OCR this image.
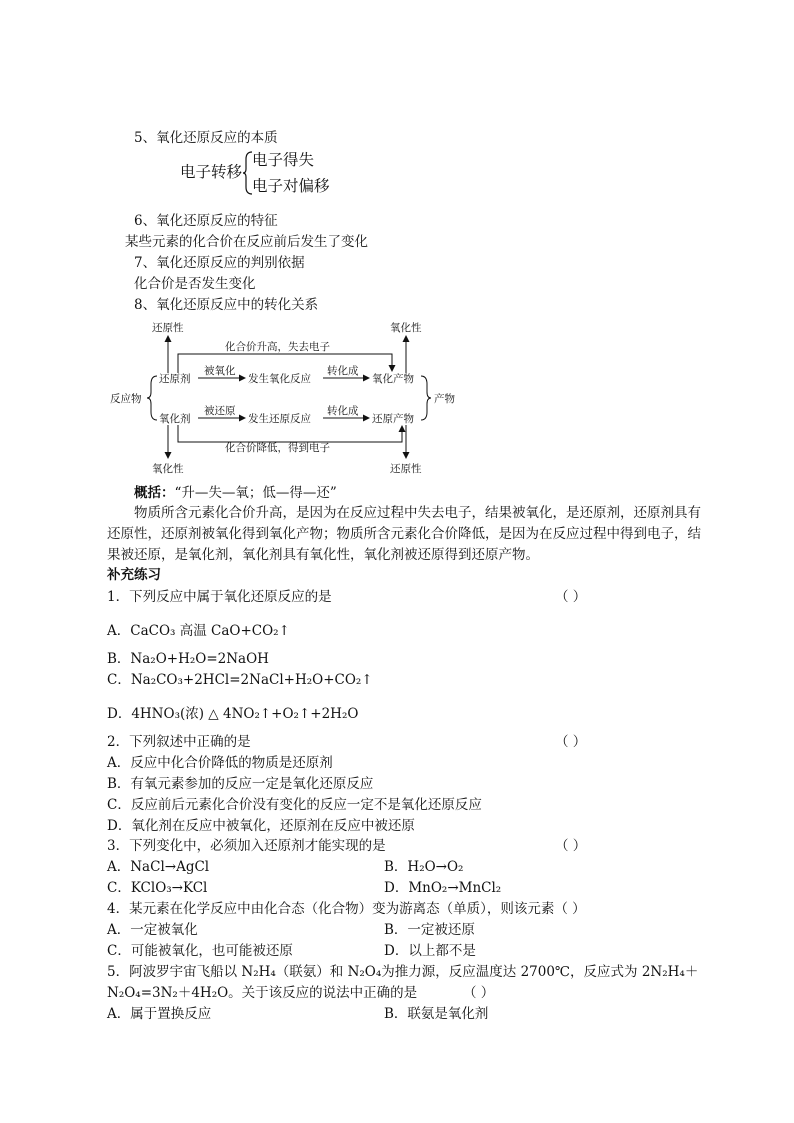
5、氧化还原反应的本质
电子转移
电子得失
电子对偏移
6、氧化还原反应的特征
某些元素的化合价在反应前后发生了变化
7、氧化还原反应的判别依据
化合价是否发生变化
8、氧化还原反应中的转化关系
还原性	氧化性
化合价升高，失去电子
反应物
还原剂
氧化剂
被氧化
发生氧化反应
转化成
氧化产物
被还原
发生还原反应
转化成
还原产物
产物
化合价降低，得到电子
氧化性	还原性
概括：“升—失—氧；低—得—还”
物质所含元素化合价升高，是因为在反应过程中失去电子，结果被氧化，是还原剂，还原剂具有还原性，还原剂被氧化得到氧化产物；物质所含元素化合价降低，是因为在反应过程中得到电子，结果被还原，是氧化剂，氧化剂具有氧化性，氧化剂被还原得到还原产物。
补充练习
1．下列反应中属于氧化还原反应的是	（ ）
A．CaCO₃ 高温 CaO+CO₂↑
B．Na₂O+H₂O=2NaOH
C．Na₂CO₃+2HCl=2NaCl+H₂O+CO₂↑
D．4HNO₃(浓) △ 4NO₂↑+O₂↑+2H₂O
2．下列叙述中正确的是	（ ）
A．反应中化合价降低的物质是还原剂
B．有氧元素参加的反应一定是氧化还原反应
C．反应前后元素化合价没有变化的反应一定不是氧化还原反应
D．氧化剂在反应中被氧化，还原剂在反应中被还原
3．下列变化中，必须加入还原剂才能实现的是	（ ）
A．NaCl→AgCl	B．H₂O→O₂
C．KClO₃→KCl	D．MnO₂→MnCl₂
4．某元素在化学反应中由化合态（化合物）变为游离态（单质），则该元素（ ）
A．一定被氧化	B．一定被还原
C．可能被氧化，也可能被还原	D．以上都不是
5．阿波罗宇宙飞船以 N₂H₄（联氨）和 N₂O₄为推力源，反应温度达 2700℃，反应式为 2N₂H₄＋
N₂O₄=3N₂＋4H₂O。关于该反应的说法中正确的是	（ ）
A．属于置换反应	B．联氨是氧化剂
